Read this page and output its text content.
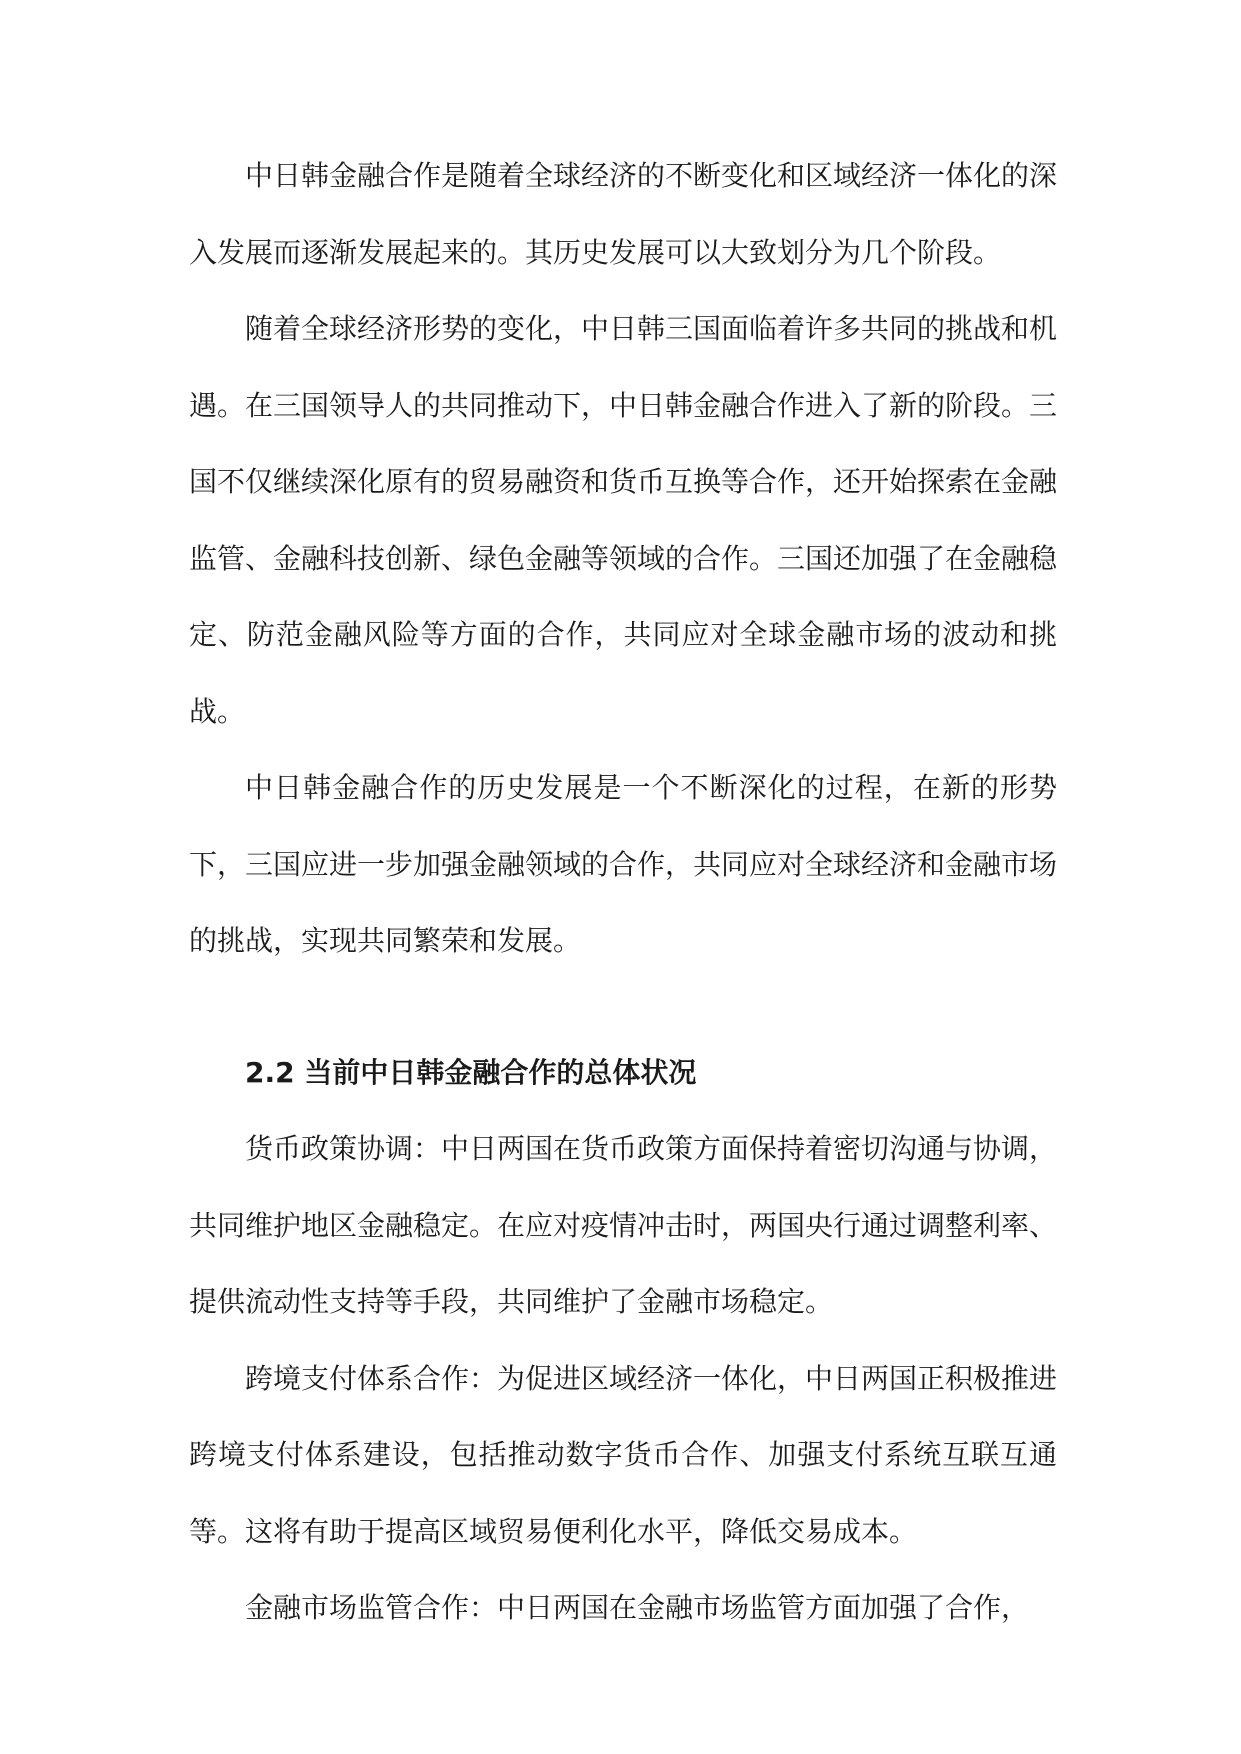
中日韩金融合作是随着全球经济的不断变化和区域经济一体化的深入发展而逐渐发展起来的。其历史发展可以大致划分为几个阶段。

随着全球经济形势的变化，中日韩三国面临着许多共同的挑战和机遇。在三国领导人的共同推动下，中日韩金融合作进入了新的阶段。三国不仅继续深化原有的贸易融资和货币互换等合作，还开始探索在金融监管、金融科技创新、绿色金融等领域的合作。三国还加强了在金融稳定、防范金融风险等方面的合作，共同应对全球金融市场的波动和挑战。

中日韩金融合作的历史发展是一个不断深化的过程，在新的形势下，三国应进一步加强金融领域的合作，共同应对全球经济和金融市场的挑战，实现共同繁荣和发展。

2.2 当前中日韩金融合作的总体状况

货币政策协调：中日两国在货币政策方面保持着密切沟通与协调，共同维护地区金融稳定。在应对疫情冲击时，两国央行通过调整利率、提供流动性支持等手段，共同维护了金融市场稳定。

跨境支付体系合作：为促进区域经济一体化，中日两国正积极推进跨境支付体系建设，包括推动数字货币合作、加强支付系统互联互通等。这将有助于提高区域贸易便利化水平，降低交易成本。

金融市场监管合作：中日两国在金融市场监管方面加强了合作，
